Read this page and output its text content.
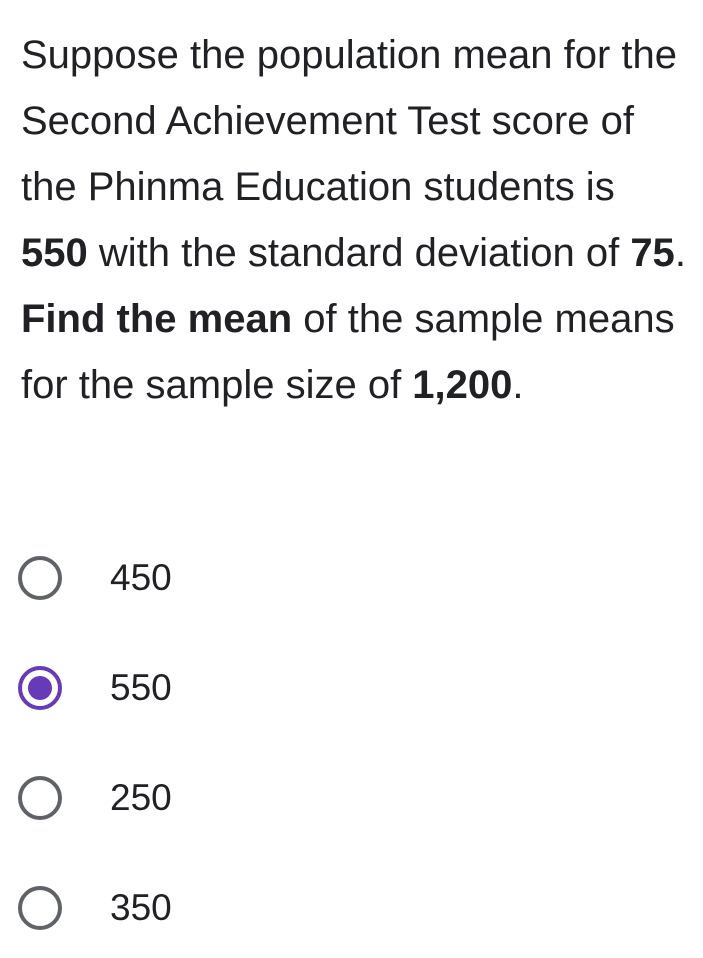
Suppose the population mean for the Second Achievement Test score of the Phinma Education students is 550 with the standard deviation of 75. Find the mean of the sample means for the sample size of 1,200.

450
550
250
350
